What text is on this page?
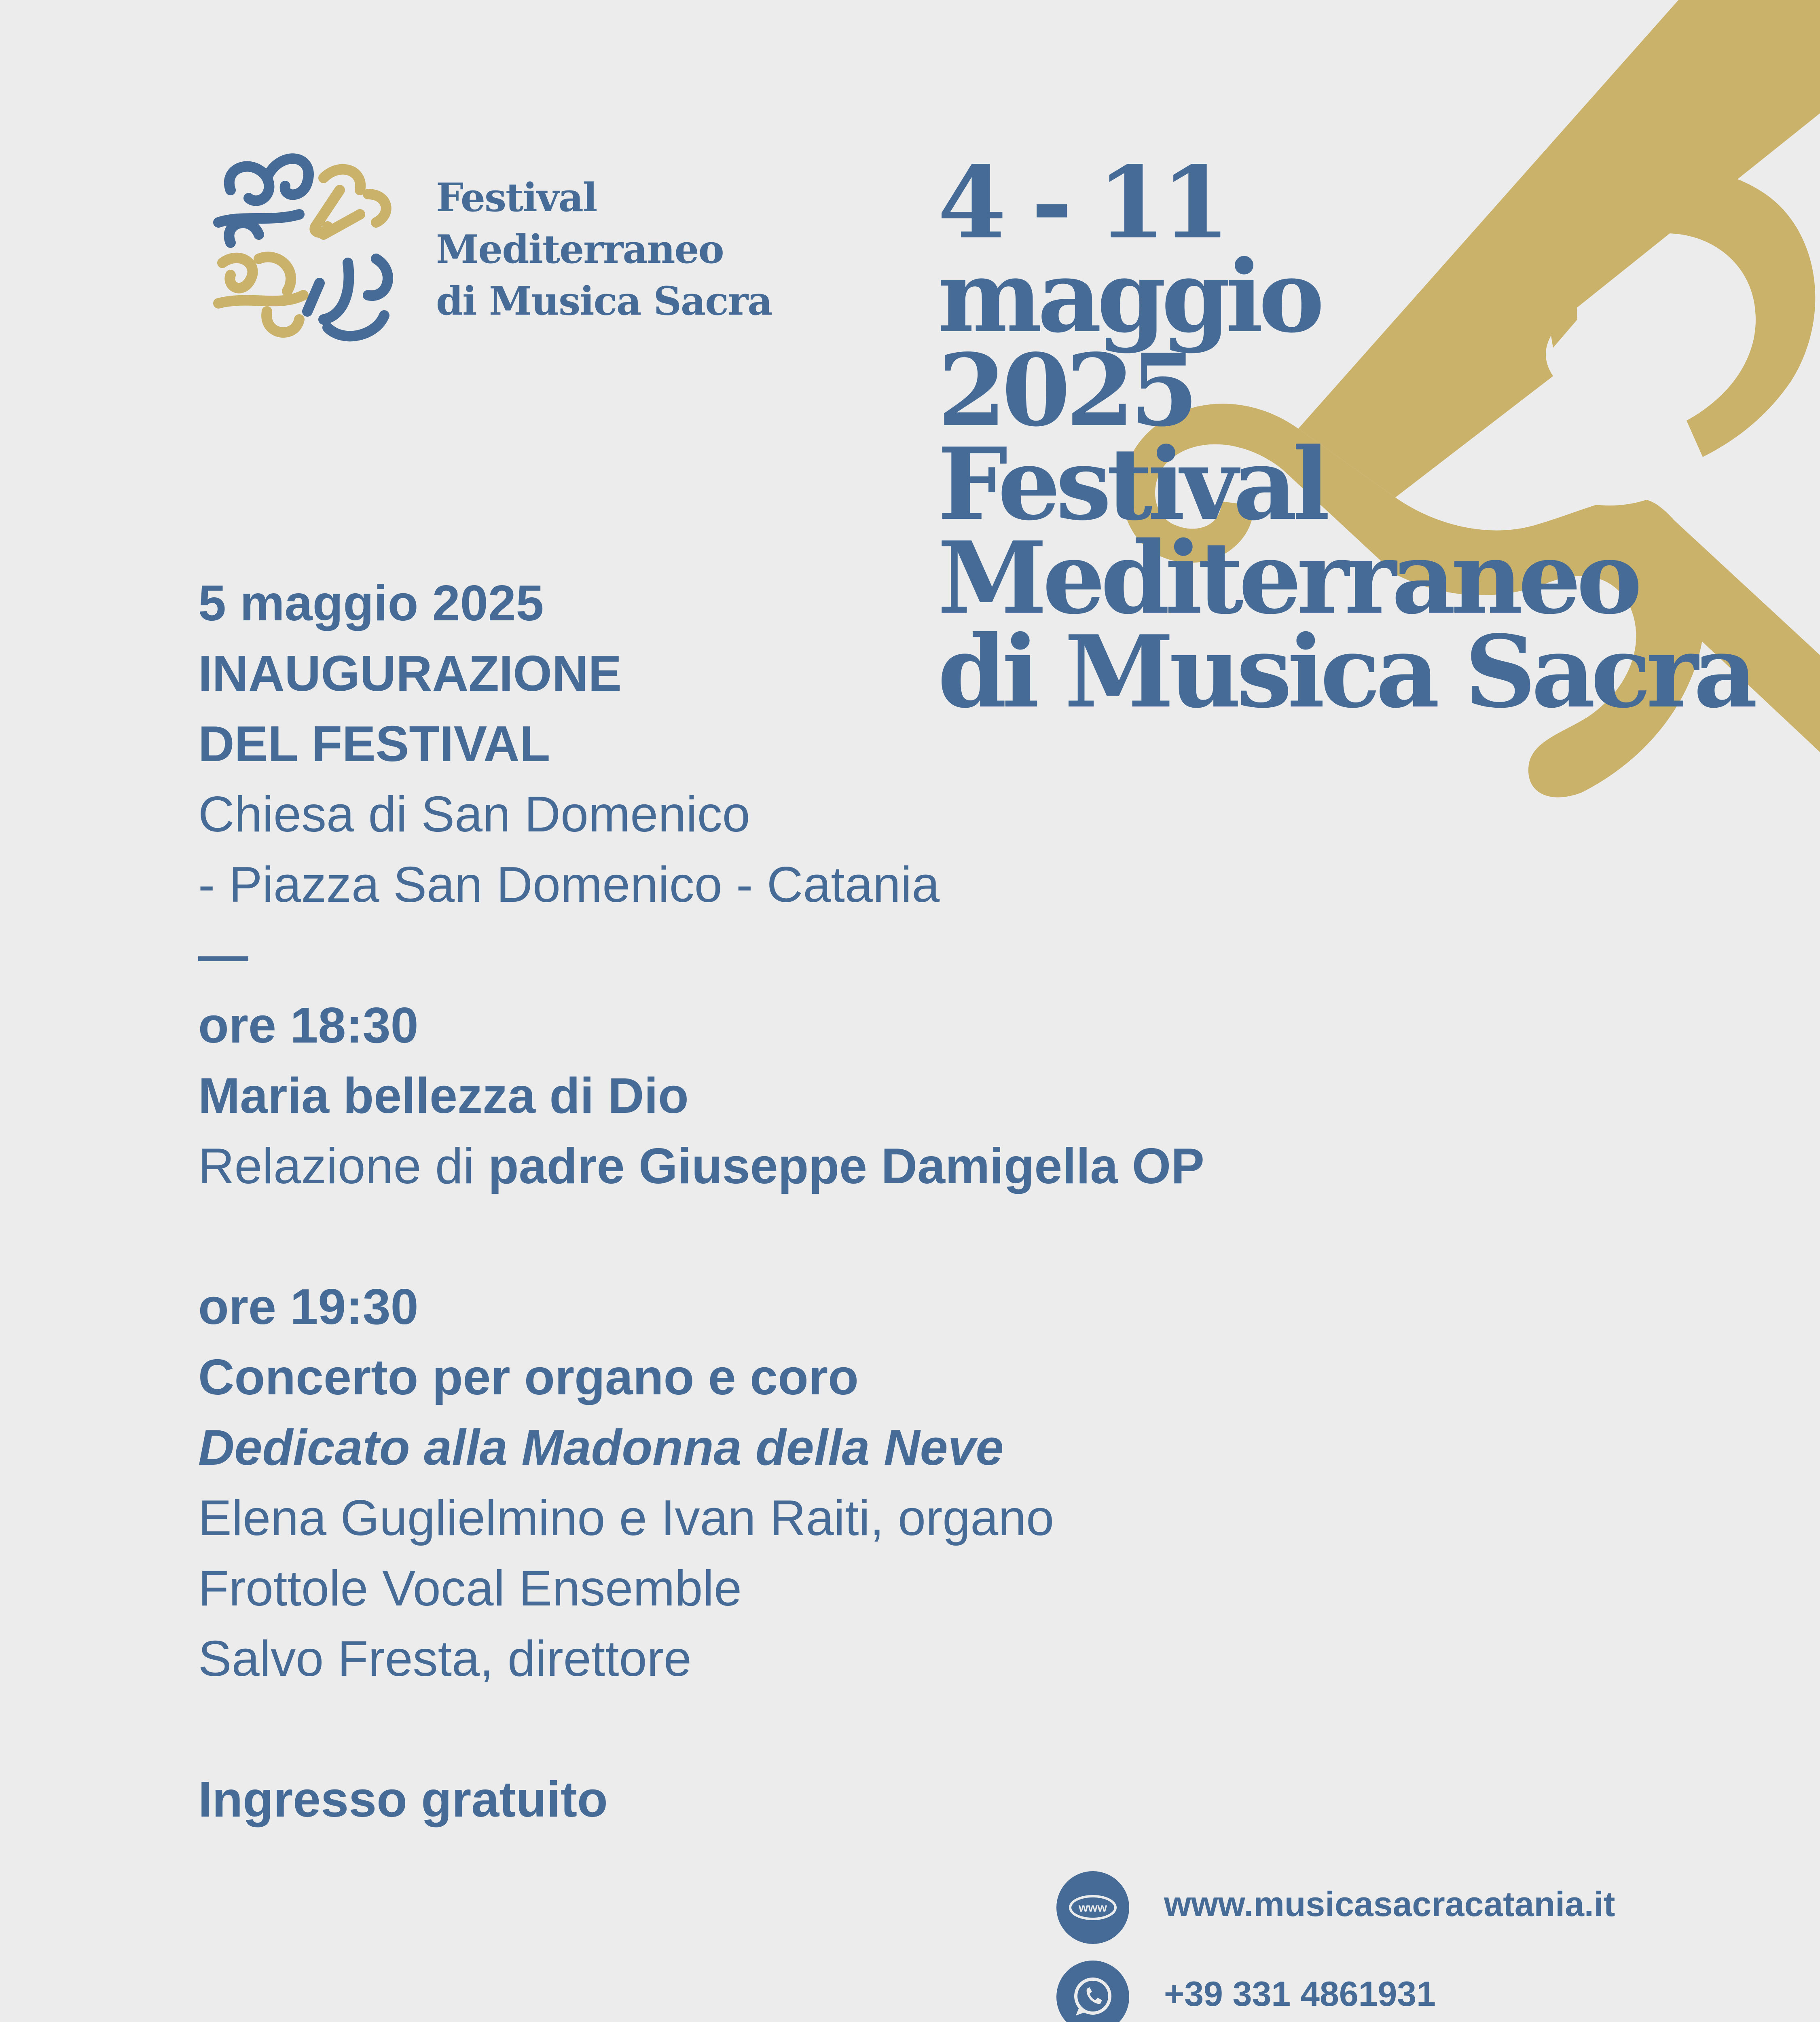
Festival
Mediterraneo
di Musica Sacra
4 - 11
maggio
2025
Festival
Mediterraneo
di Musica Sacra
5 maggio 2025
INAUGURAZIONE
DEL FESTIVAL
Chiesa di San Domenico
- Piazza San Domenico - Catania
—
ore 18:30
Maria bellezza di Dio
Relazione di padre Giuseppe Damigella OP
ore 19:30
Concerto per organo e coro
Dedicato alla Madonna della Neve
Elena Guglielmino e Ivan Raiti, organo
Frottole Vocal Ensemble
Salvo Fresta, direttore
Ingresso gratuito
www www.musicasacracatania.it
+39 331 4861931
